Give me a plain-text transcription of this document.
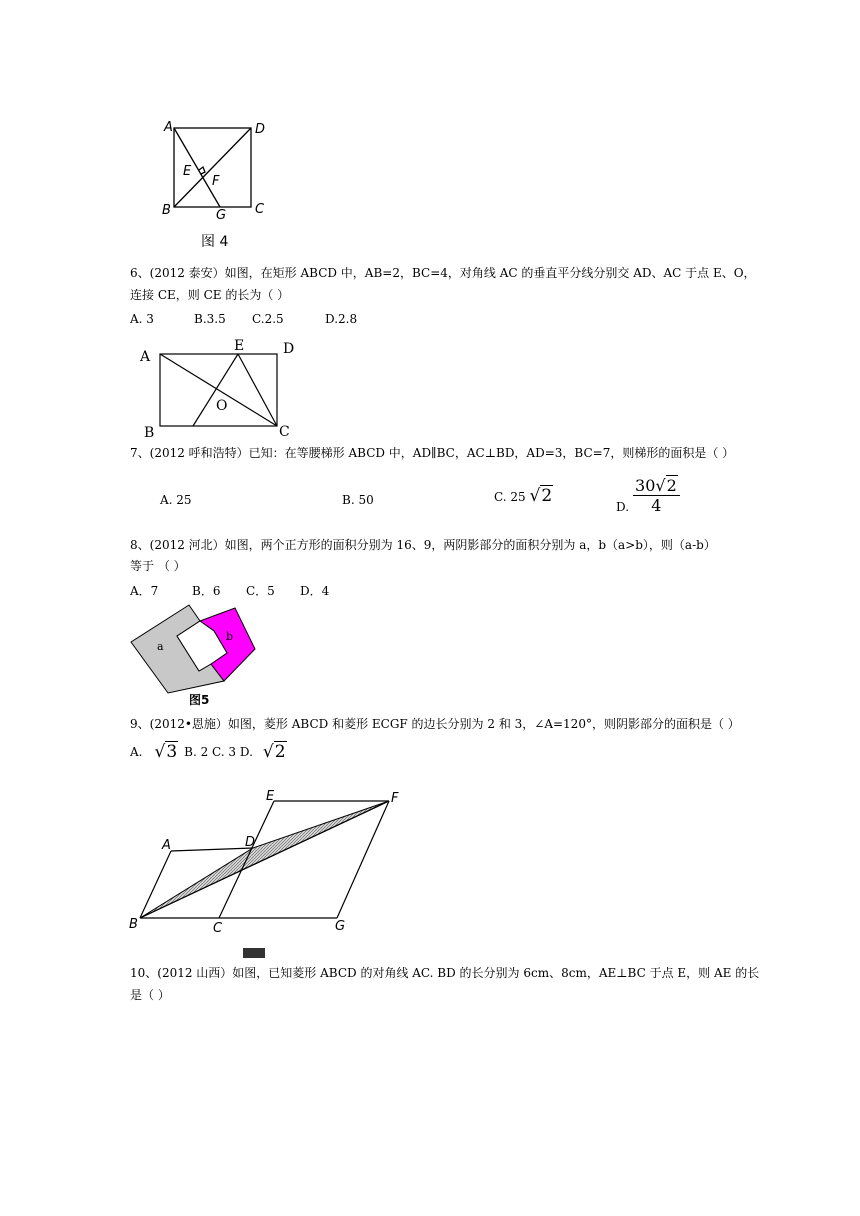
A	D
E
F
B	G C
图 4
6、(2012 泰安）如图，在矩形 ABCD 中，AB=2，BC=4，对角线 AC 的垂直平分线分别交 AD、AC 于点 E、O，
连接 CE，则 CE 的长为（ ）
A. 3	B.3.5 C.2.5	D.2.8
A
E	D
O
B	C
7、(2012 呼和浩特）已知：在等腰梯形 ABCD 中，AD∥BC，AC⊥BD，AD=3，BC=7，则梯形的面积是（ ）
A. 25	B. 50	C. 25 √2
D. $\frac{30√2}{4}$
8、(2012 河北）如图，两个正方形的面积分别为 16、9，两阴影部分的面积分别为 a，b（a>b），则（a-b）
等于 （ ）
A．7	B．6 C．5 D．4
a
b
图5
9、(2012•恩施）如图，菱形 ABCD 和菱形 ECGF 的边长分别为 2 和 3，∠A=120°，则阴影部分的面积是（ ）
A. √3 B. 2 C. 3 D. √2
E	F
A	D
B	C	G
10、(2012 山西）如图，已知菱形 ABCD 的对角线 AC. BD 的长分别为 6cm、8cm，AE⊥BC 于点 E，则 AE 的长
是（ ）
